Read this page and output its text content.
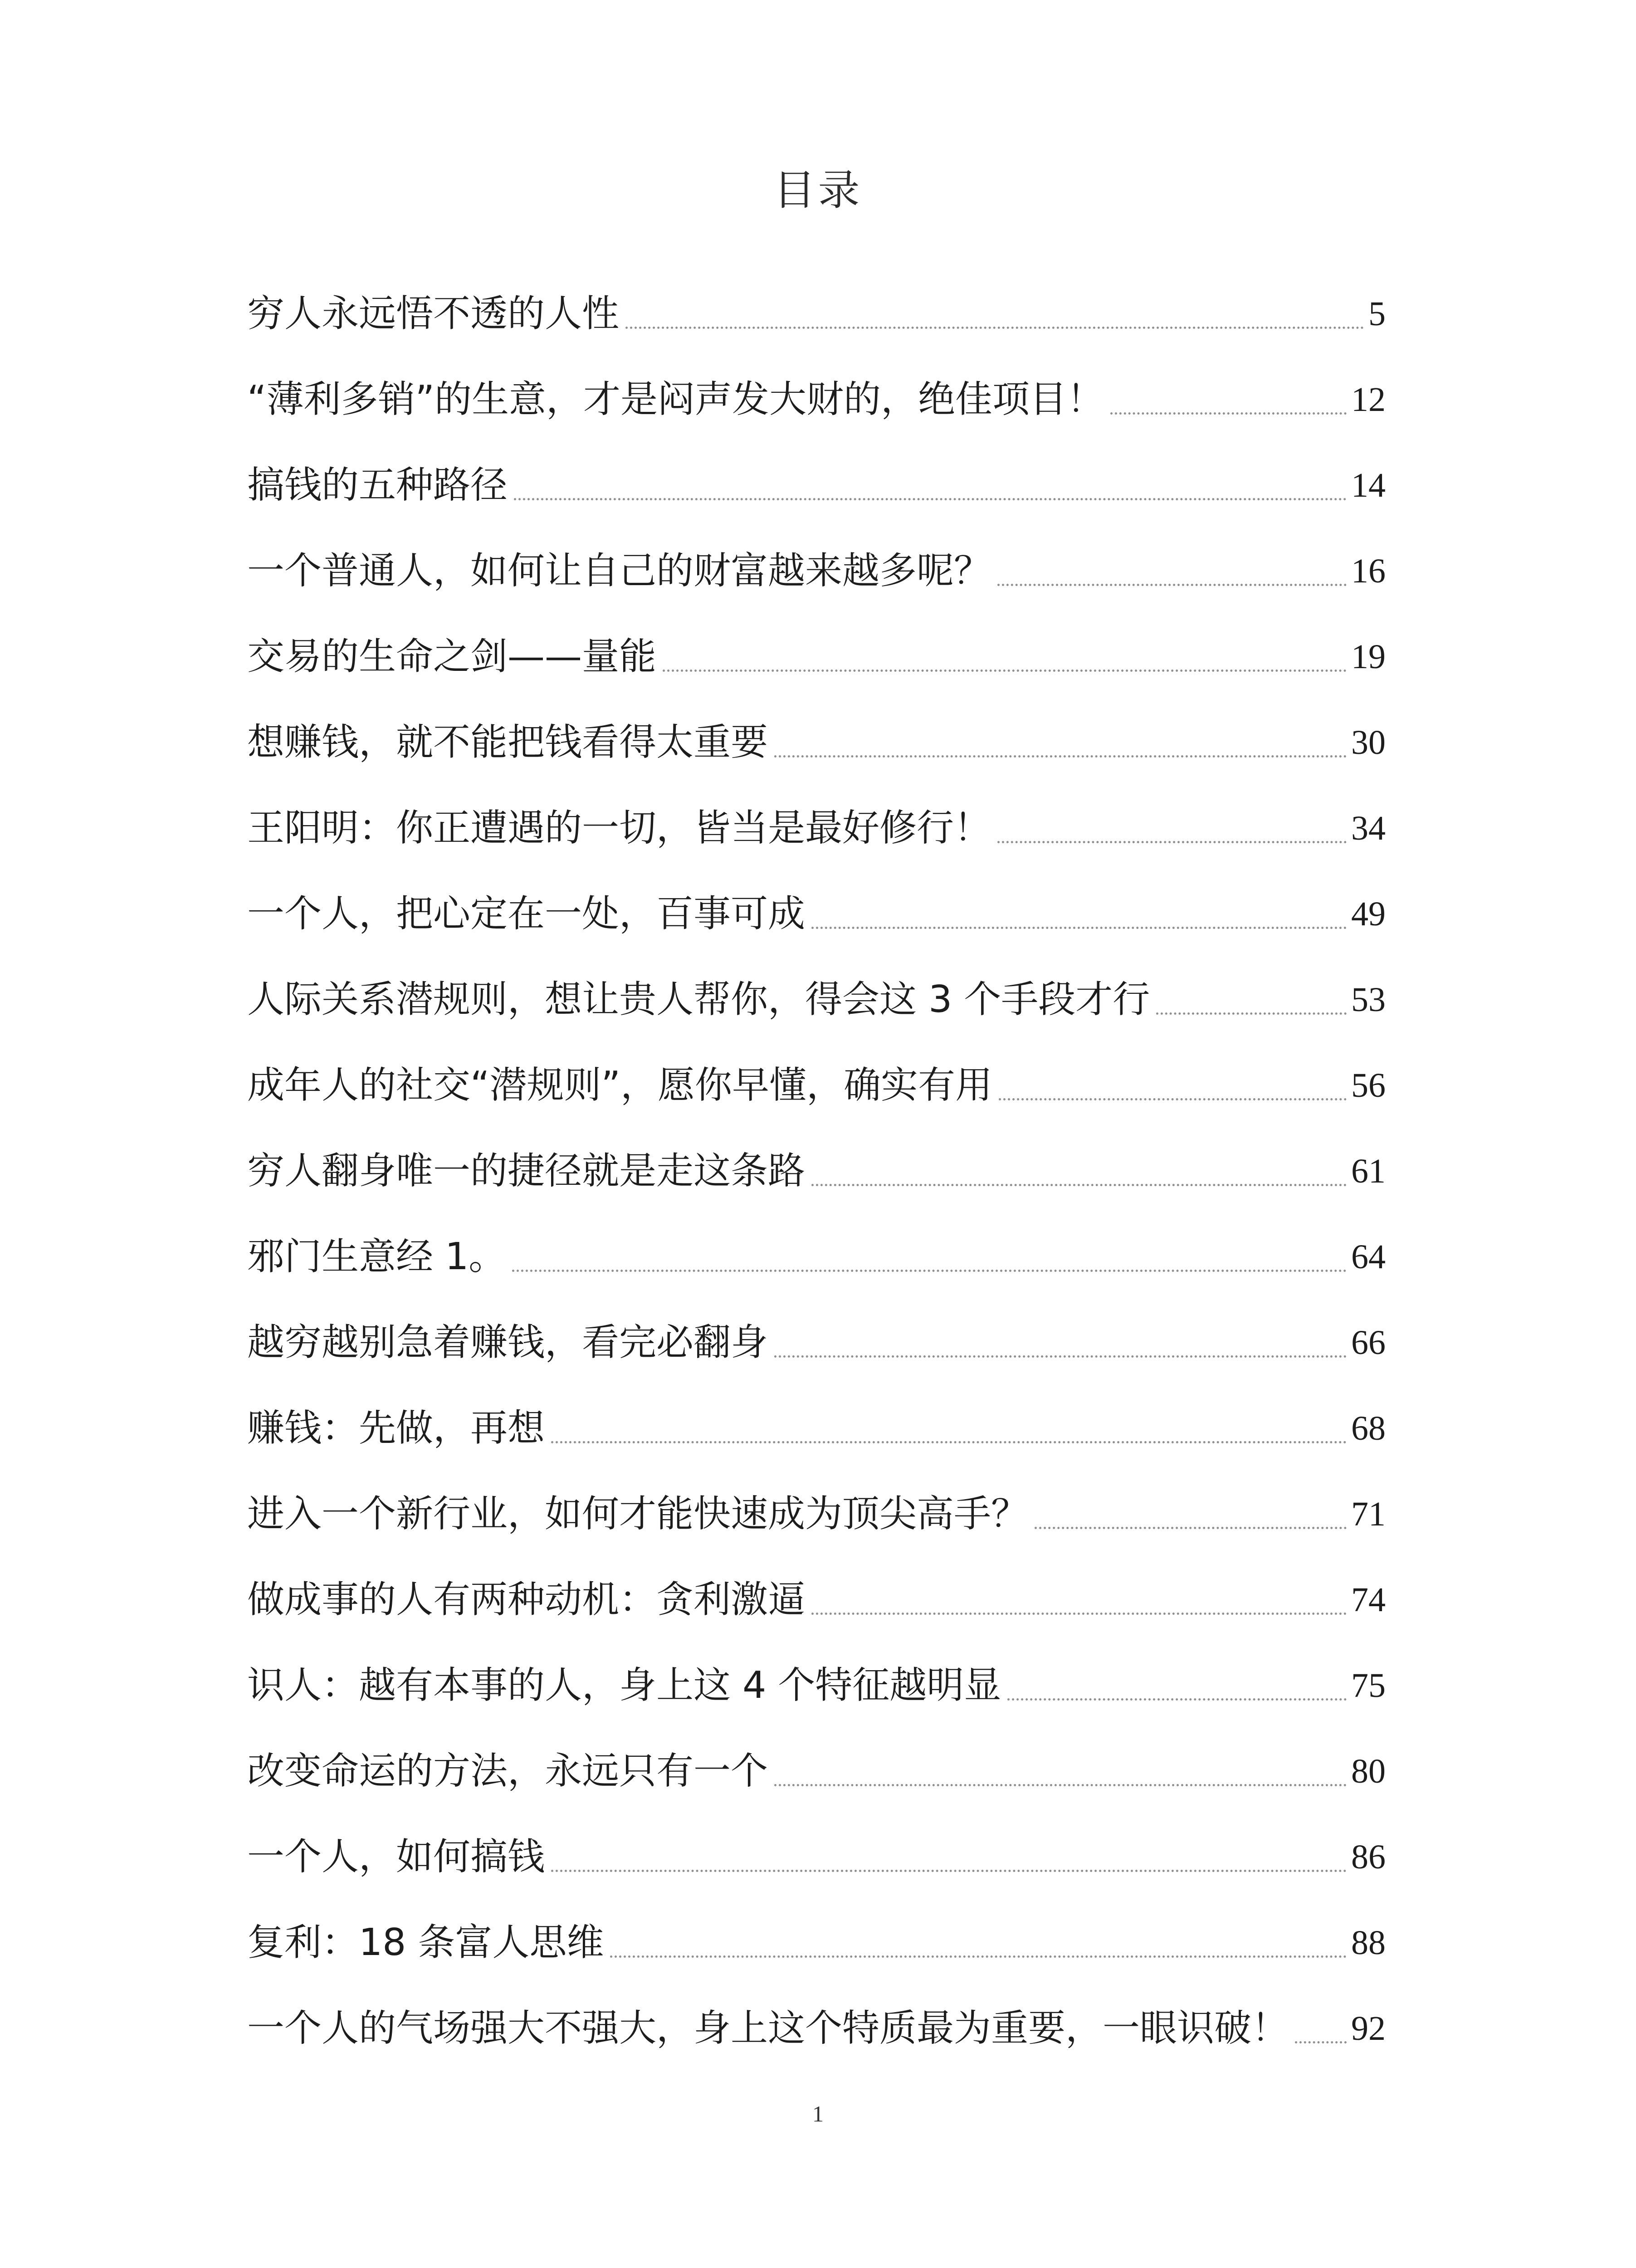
目录
穷人永远悟不透的人性	5
“薄利多销”的生意，才是闷声发大财的，绝佳项目！	12
搞钱的五种路径	14
一个普通人，如何让自己的财富越来越多呢？	16
交易的生命之剑——量能	19
想赚钱，就不能把钱看得太重要	30
王阳明：你正遭遇的一切，皆当是最好修行！	34
一个人，把心定在一处，百事可成	49
人际关系潜规则，想让贵人帮你，得会这 3 个手段才行	53
成年人的社交“潜规则”，愿你早懂，确实有用	56
穷人翻身唯一的捷径就是走这条路	61
邪门生意经 1。	64
越穷越别急着赚钱，看完必翻身	66
赚钱：先做，再想	68
进入一个新行业，如何才能快速成为顶尖高手？	71
做成事的人有两种动机：贪利激逼	74
识人：越有本事的人，身上这 4 个特征越明显	75
改变命运的方法，永远只有一个	80
一个人，如何搞钱	86
复利：18 条富人思维	88
一个人的气场强大不强大，身上这个特质最为重要，一眼识破！ 92
1
